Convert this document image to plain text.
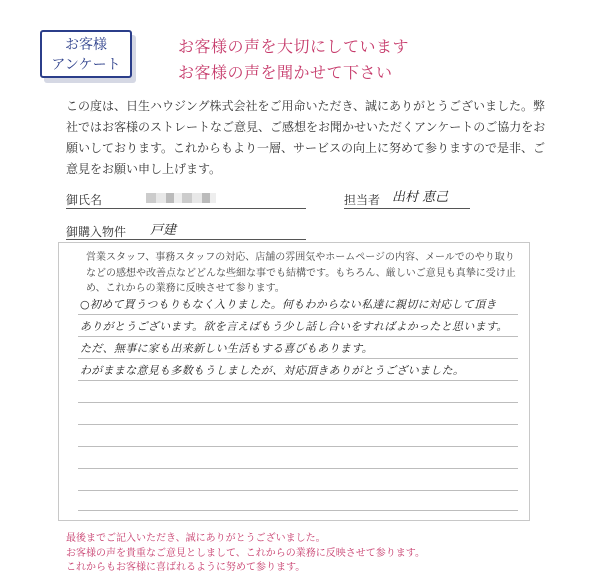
お客様
アンケート
お客様の声を大切にしています
お客様の声を聞かせて下さい

この度は、日生ハウジング株式会社をご用命いただき、誠にありがとうございました。弊社ではお客様のストレートなご意見、ご感想をお聞かせいただくアンケートのご協力をお願いしております。これからもより一層、サービスの向上に努めて参りますので是非、ご意見をお願い申し上げます。

御氏名	担当者 出村 恵己
御購入物件 戸建

営業スタッフ、事務スタッフの対応、店舗の雰囲気やホームページの内容、メールでのやり取りなどの感想や改善点などどんな些細な事でも結構です。もちろん、厳しいご意見も真摯に受け止め、これからの業務に反映させて参ります。

○初めて買うつもりもなく入りました。何もわからない私達に親切に対応して頂き
ありがとうございます。欲を言えばもう少し話し合いをすればよかったと思います。
ただ、無事に家も出来新しい生活もする喜びもあります。
わがままな意見も多数もうしましたが、対応頂きありがとうございました。
最後までご記入いただき、誠にありがとうございました。
お客様の声を貴重なご意見としまして、これからの業務に反映させて参ります。
これからもお客様に喜ばれるように努めて参ります。
